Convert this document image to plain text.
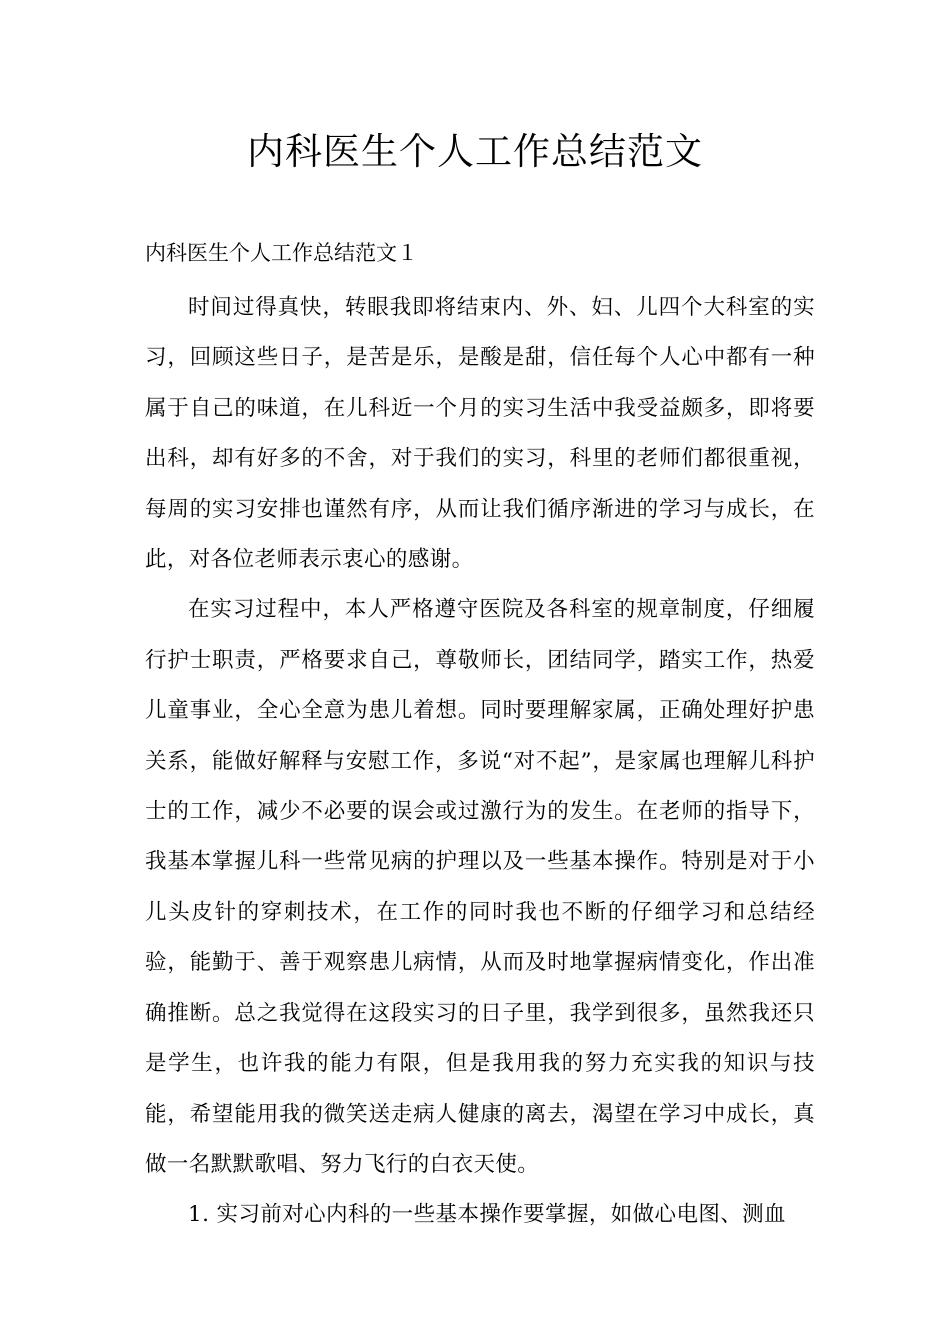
内科医生个人工作总结范文

内科医生个人工作总结范文１

时间过得真快，转眼我即将结束内、外、妇、儿四个大科室的实习，回顾这些日子，是苦是乐，是酸是甜，信任每个人心中都有一种属于自己的味道，在儿科近一个月的实习生活中我受益颇多，即将要出科，却有好多的不舍，对于我们的实习，科里的老师们都很重视，每周的实习安排也谨然有序，从而让我们循序渐进的学习与成长，在此，对各位老师表示衷心的感谢。

在实习过程中，本人严格遵守医院及各科室的规章制度，仔细履行护士职责，严格要求自己，尊敬师长，团结同学，踏实工作，热爱儿童事业，全心全意为患儿着想。同时要理解家属，正确处理好护患关系，能做好解释与安慰工作，多说“对不起”，是家属也理解儿科护士的工作，减少不必要的误会或过激行为的发生。在老师的指导下，我基本掌握儿科一些常见病的护理以及一些基本操作。特别是对于小儿头皮针的穿刺技术，在工作的同时我也不断的仔细学习和总结经验，能勤于、善于观察患儿病情，从而及时地掌握病情变化，作出准确推断。总之我觉得在这段实习的日子里，我学到很多，虽然我还只是学生，也许我的能力有限，但是我用我的努力充实我的知识与技能，希望能用我的微笑送走病人健康的离去，渴望在学习中成长，真做一名默默歌唱、努力飞行的白衣天使。

1. 实习前对心内科的一些基本操作要掌握，如做心电图、测血
